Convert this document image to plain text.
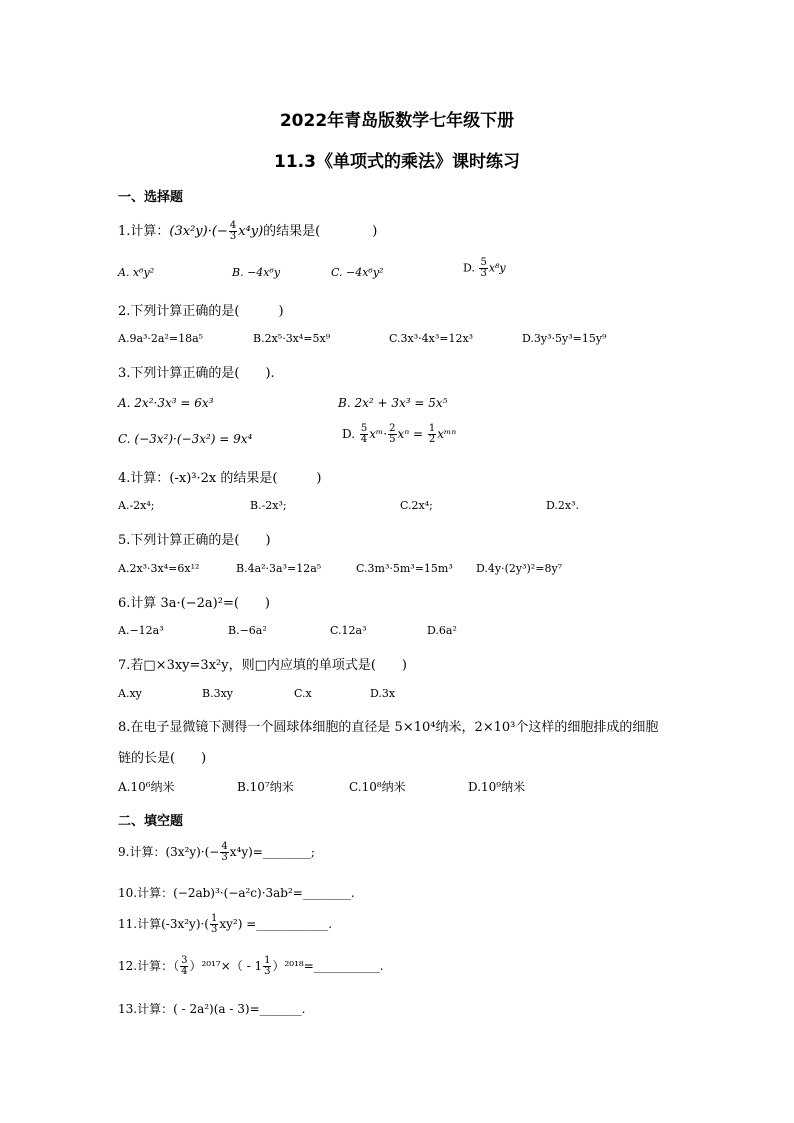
2022年青岛版数学七年级下册
11.3《单项式的乘法》课时练习
一、选择题
1.计算：$(3x^2y)\cdot(- \frac{4}{3} x^4y)$的结果是(　　　　)
A. x⁶y²	B. −4x⁶y	C. −4x⁶y²	D. $\frac{5}{3} x^8y$
2.下列计算正确的是(　　　)
A.9a³·2a²=18a⁵	B.2x⁵·3x⁴=5x⁹	C.3x³·4x³=12x³	D.3y³·5y³=15y⁹
3.下列计算正确的是(　　).
A. 2x²·3x³ = 6x³	B. 2x² + 3x³ = 5x⁵
C. (−3x²)·(−3x²) = 9x⁴	D. $\frac{5}{4}$ xᵐ· $\frac{2}{5}$ $x^n = \frac{1}{2}$ xᵐⁿ
4.计算：(-x)³·2x 的结果是(　　　)
A.-2x⁴;	B.-2x³;	C.2x⁴;	D.2x³.
5.下列计算正确的是(　　)
A.2x³·3x⁴=6x¹²	B.4a²·3a³=12a⁵	C.3m³·5m³=15m³ D.4y·(2y³)²=8y⁷
6.计算 3a·(−2a)²=(　　)
A.−12a³	B.−6a²	C.12a³	D.6a²
7.若□×3xy=3x²y，则□内应填的单项式是(　　)
A.xy	B.3xy	C.x	D.3x
8.在电子显微镜下测得一个圆球体细胞的直径是 5×10⁴纳米，2×10³个这样的细胞排成的细胞
链的长是(　　)
A.10⁶纳米	B.10⁷纳米	C.10⁸纳米	D.10⁹纳米
二、填空题
9.计算：$(3x^2y)\cdot(- \frac{4}{3}$ x⁴y)=________;
10.计算：(−2ab)³·(−a²c)·3ab²=________.
11.计算$(-3x^2y)\cdot( \frac{1}{3} xy^2)$ =____________.
12.计算：（ $\frac{3}{4} )^{2017}\times( - 1 \frac{1}{3}$ ）²⁰¹⁸=___________.
13.计算：( - 2a²)(a - 3)=_______.
